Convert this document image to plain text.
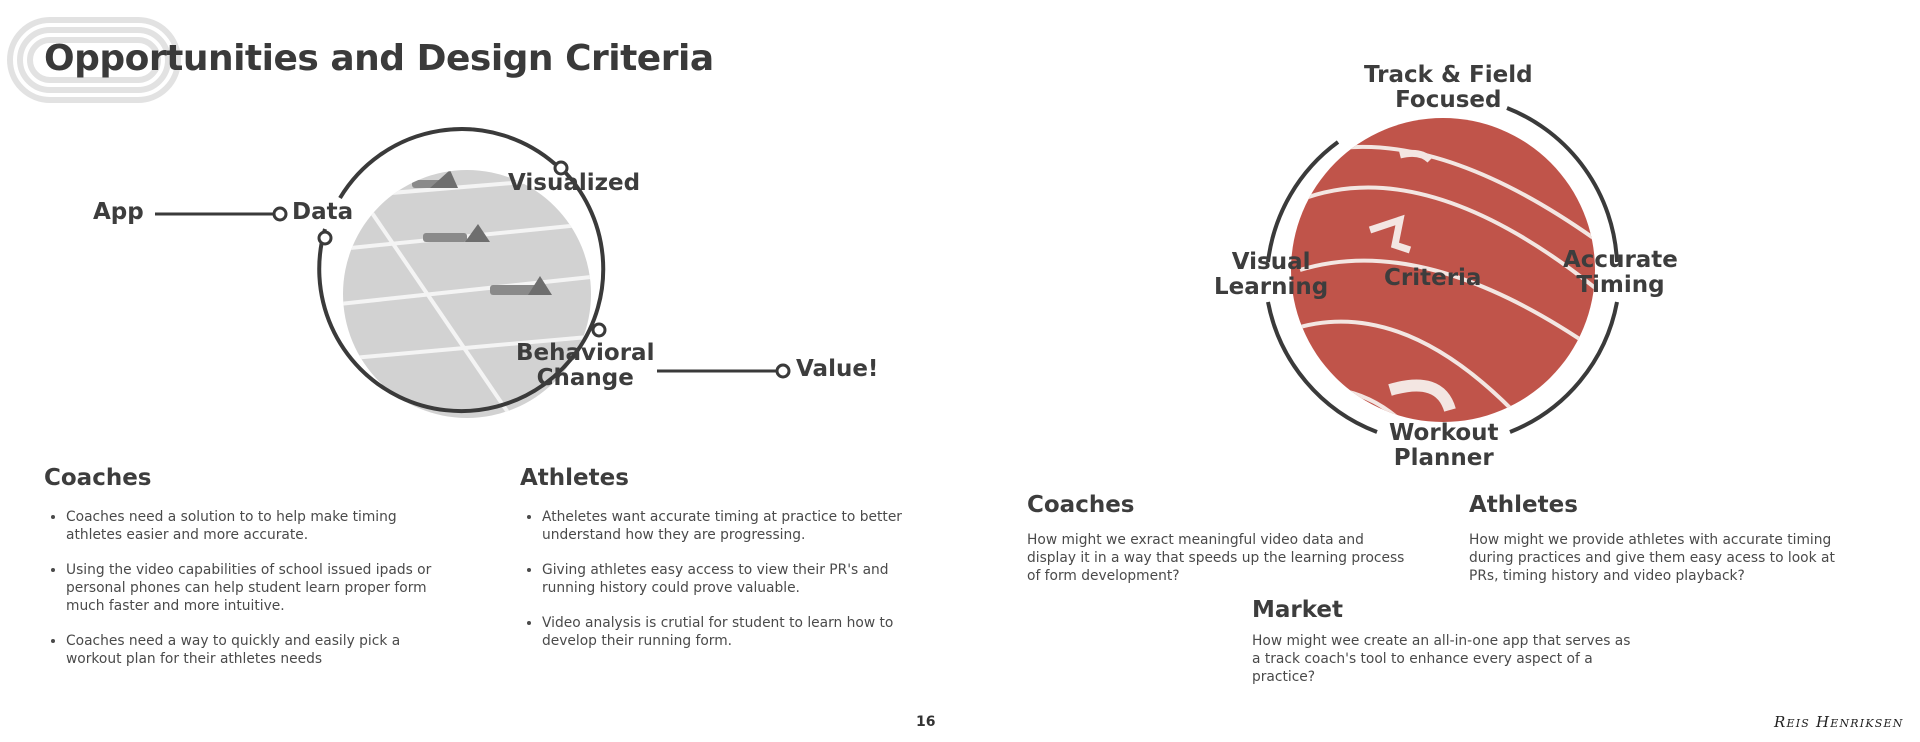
Opportunities and Design Criteria
App	Data
Visualized
Behavioral
Change	Value!
Coaches
• Coaches need a solution to to help make timing athletes easier and more accurate.
• Using the video capabilities of school issued ipads or personal phones can help student learn proper form much faster and more intuitive.
• Coaches need a way to quickly and easily pick a workout plan for their athletes needs
Athletes
• Atheletes want accurate timing at practice to better understand how they are progressing.
• Giving athletes easy access to view their PR's and running history could prove valuable.
• Video analysis is crutial for student to learn how to develop their running form.
16
Track & Field
Focused
Visual
Learning Criteria
Accurate
Timing
Workout
Planner
Coaches
How might we exract meaningful video data and display it in a way that speeds up the learning process of form development?
Athletes
How might we provide athletes with accurate timing during practices and give them easy acess to look at PRs, timing history and video playback?
Market
How might wee create an all-in-one app that serves as a track coach's tool to enhance every aspect of a practice?
Reis Henriksen
